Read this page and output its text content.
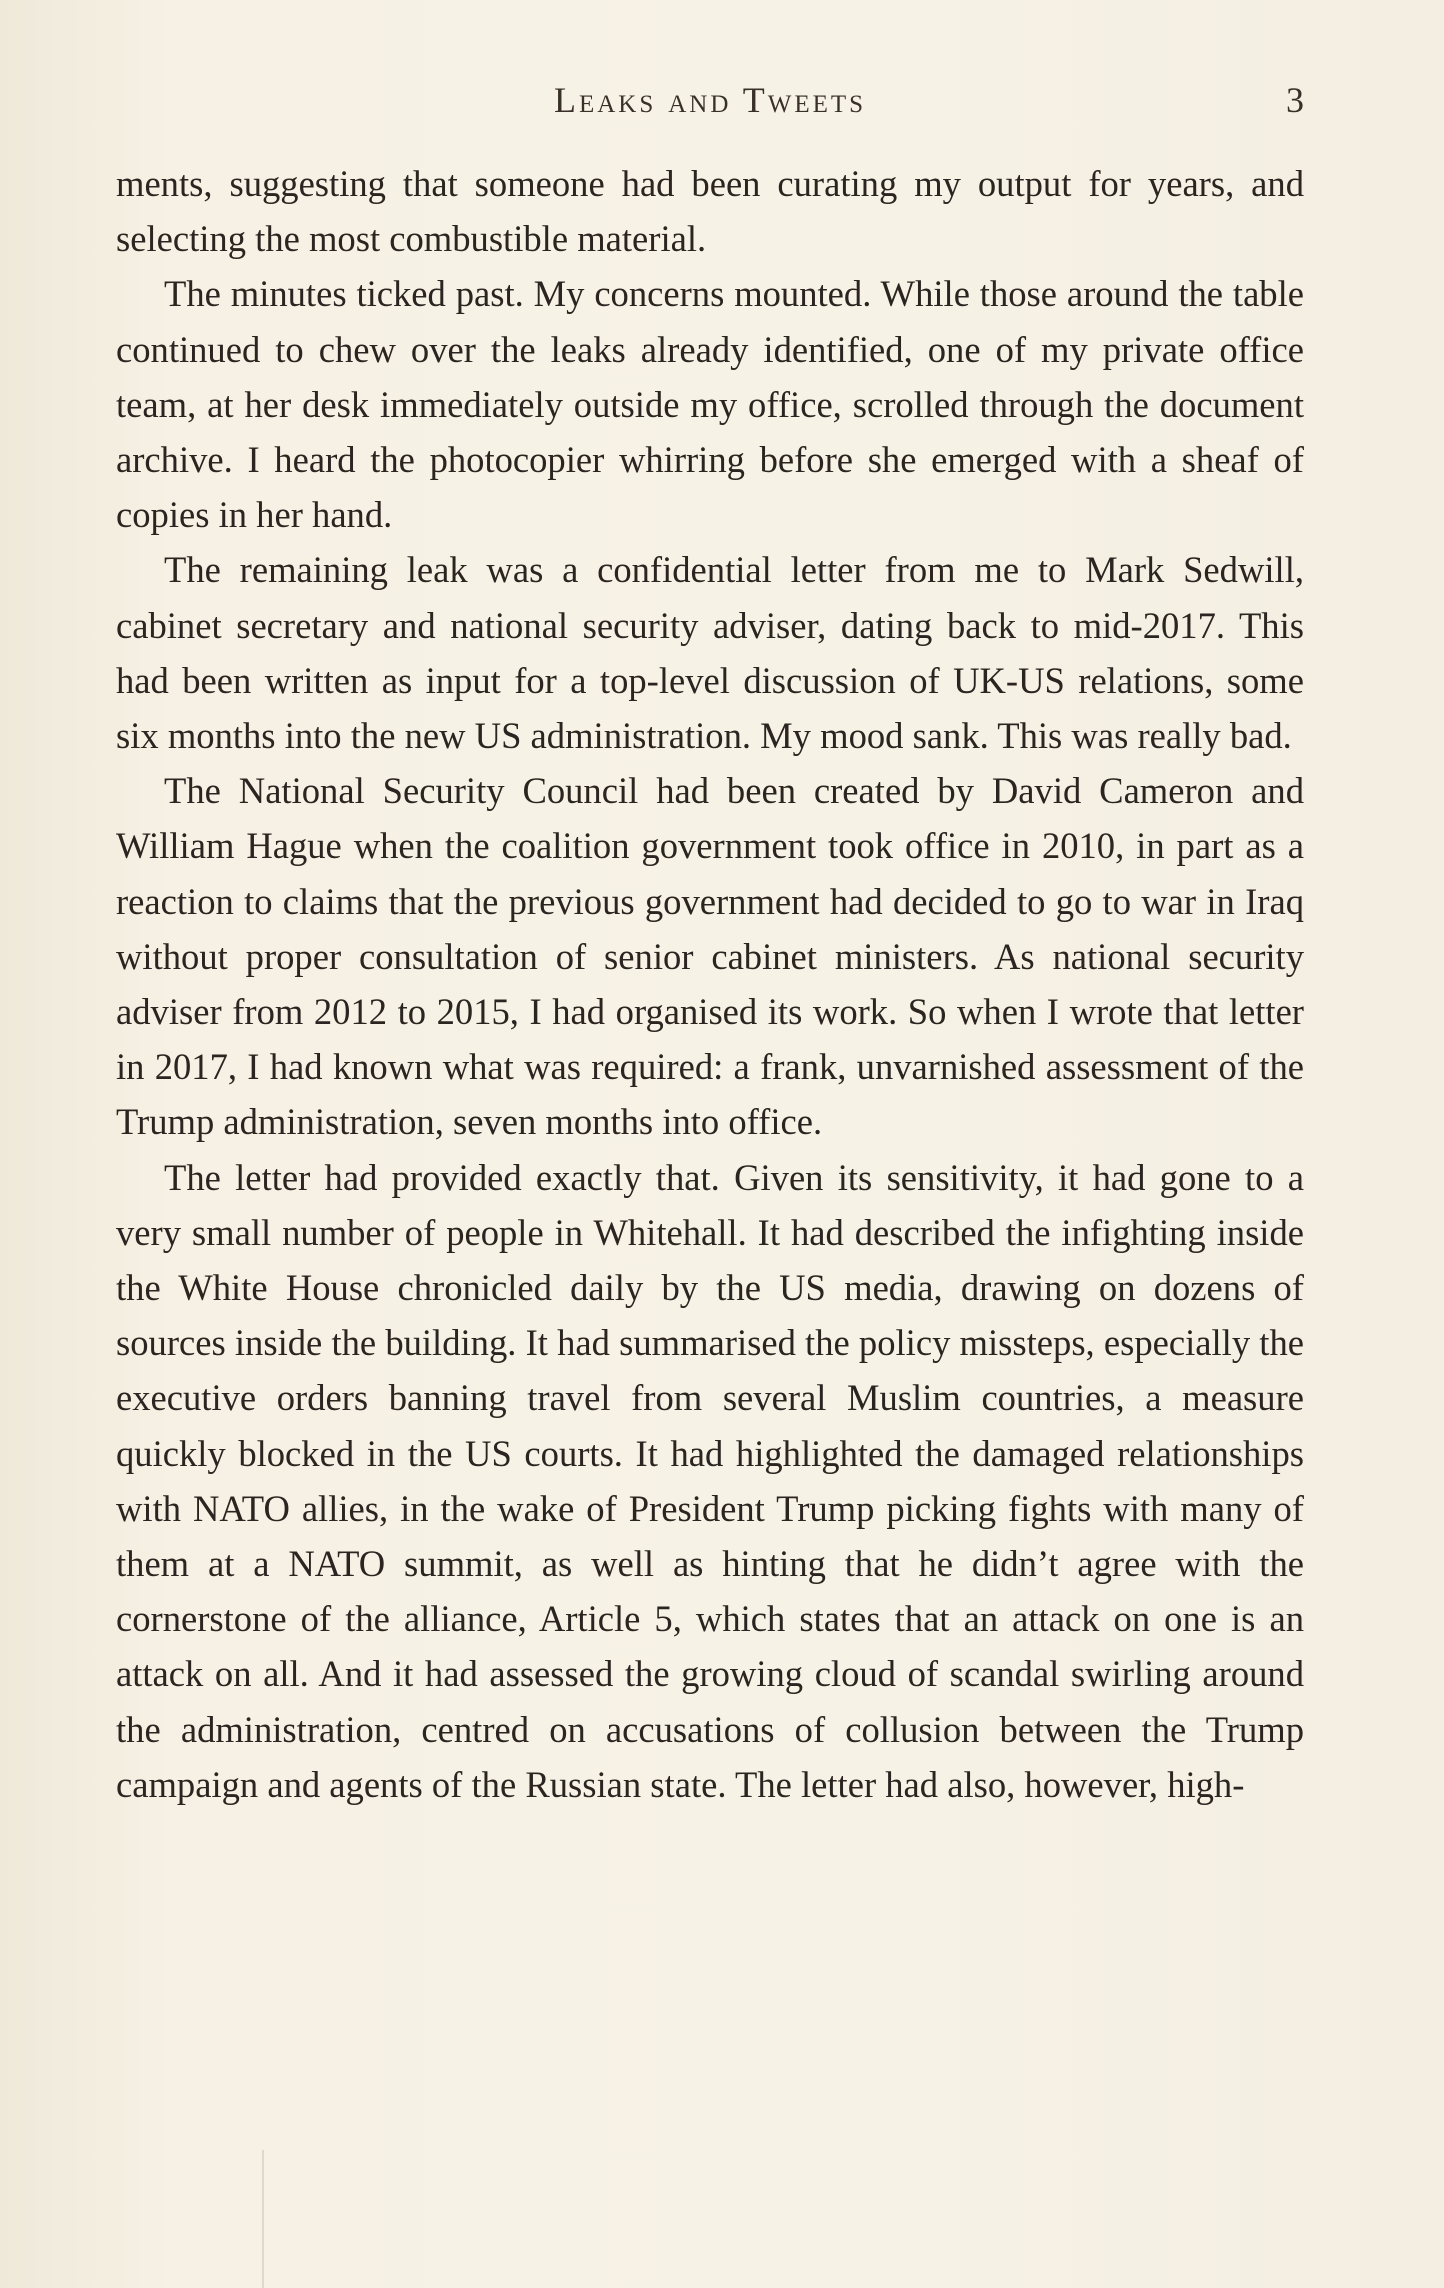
Leaks and Tweets	3

ments, suggesting that someone had been curating my output for years, and selecting the most combustible material.

The minutes ticked past. My concerns mounted. While those around the table continued to chew over the leaks already identified, one of my private office team, at her desk immediately outside my office, scrolled through the document archive. I heard the photocopier whirring before she emerged with a sheaf of copies in her hand.

The remaining leak was a confidential letter from me to Mark Sedwill, cabinet secretary and national security adviser, dating back to mid-2017. This had been written as input for a top-level discussion of UK-US relations, some six months into the new US administration. My mood sank. This was really bad.

The National Security Council had been created by David Cameron and William Hague when the coalition government took office in 2010, in part as a reaction to claims that the previous government had decided to go to war in Iraq without proper consultation of senior cabinet ministers. As national security adviser from 2012 to 2015, I had organised its work. So when I wrote that letter in 2017, I had known what was required: a frank, unvarnished assessment of the Trump administration, seven months into office.

The letter had provided exactly that. Given its sensitivity, it had gone to a very small number of people in Whitehall. It had described the infighting inside the White House chronicled daily by the US media, drawing on dozens of sources inside the building. It had summarised the policy missteps, especially the executive orders banning travel from several Muslim countries, a measure quickly blocked in the US courts. It had highlighted the damaged relationships with NATO allies, in the wake of President Trump picking fights with many of them at a NATO summit, as well as hinting that he didn’t agree with the cornerstone of the alliance, Article 5, which states that an attack on one is an attack on all. And it had assessed the growing cloud of scandal swirling around the administration, centred on accusations of collusion between the Trump campaign and agents of the Russian state. The letter had also, however, high-
